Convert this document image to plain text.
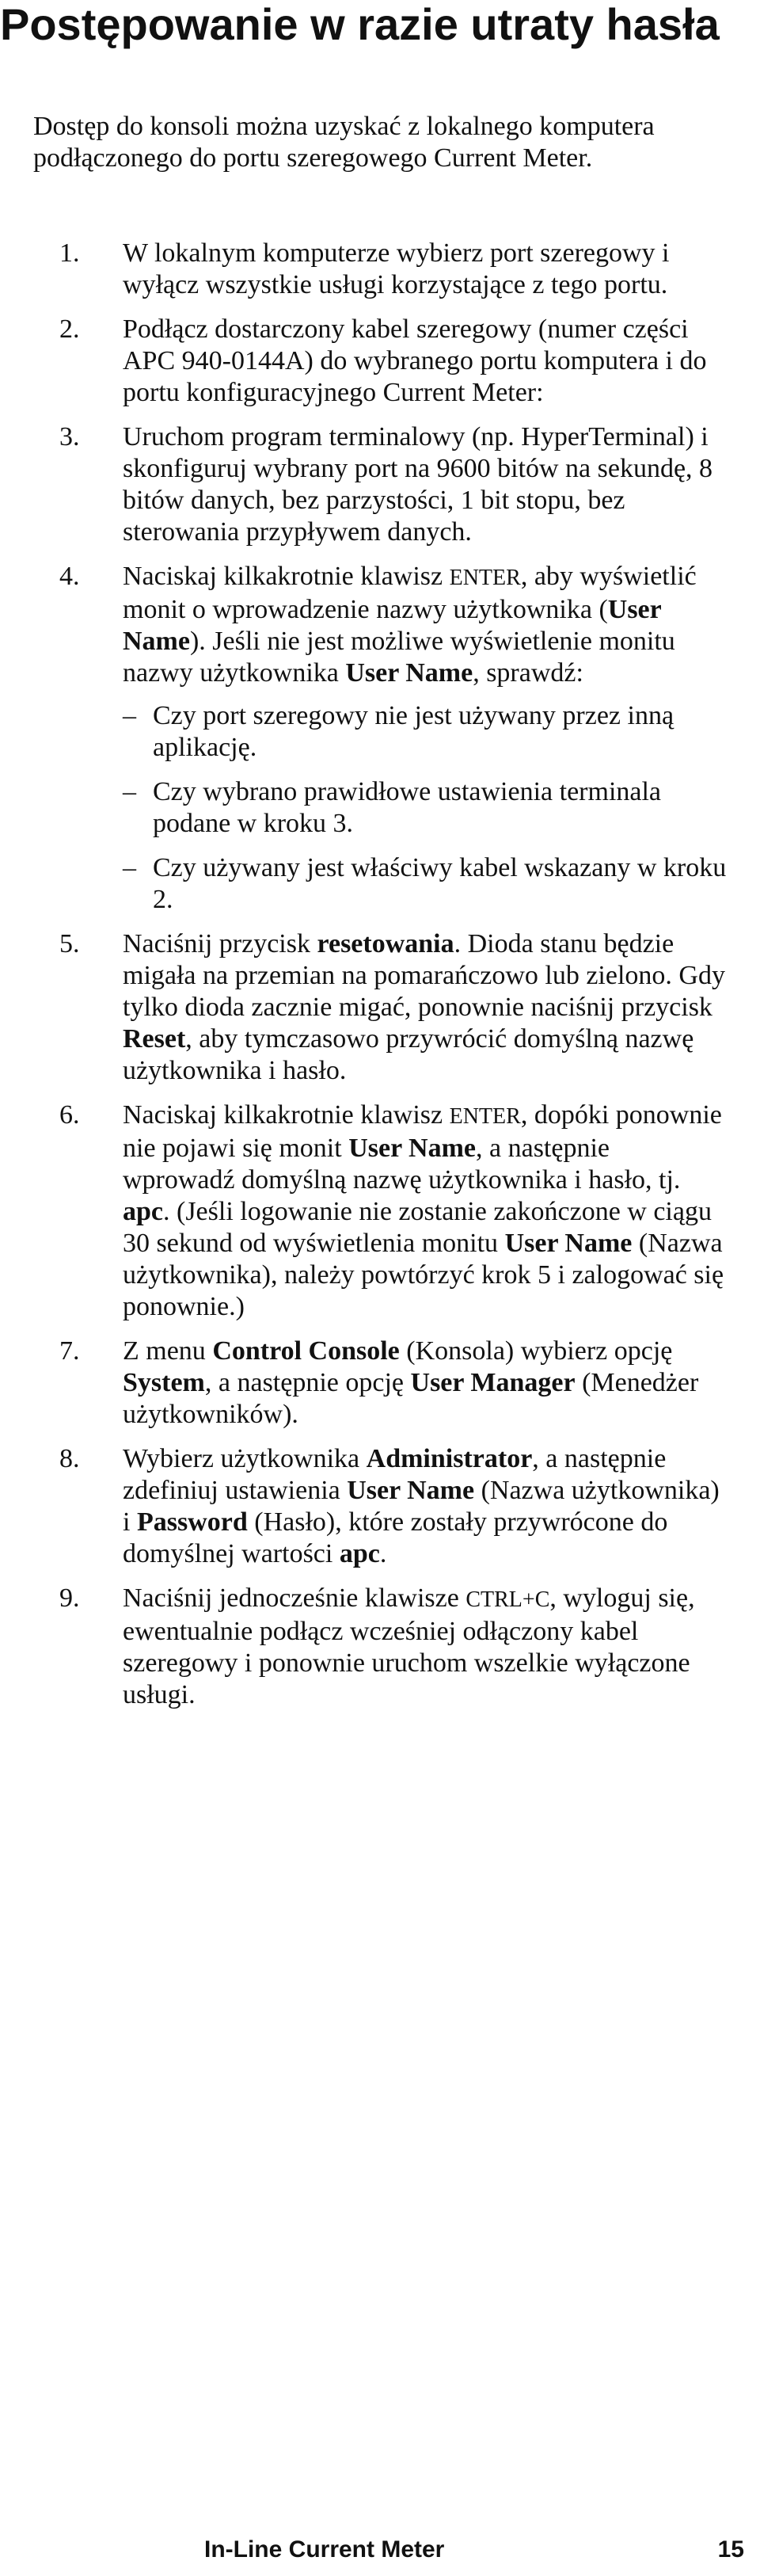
Postępowanie w razie utraty hasła

Dostęp do konsoli można uzyskać z lokalnego komputera podłączonego do portu szeregowego Current Meter.

1.	W lokalnym komputerze wybierz port szeregowy i wyłącz wszystkie usługi korzystające z tego portu.
2.	Podłącz dostarczony kabel szeregowy (numer części APC 940-0144A) do wybranego portu komputera i do portu konfiguracyjnego Current Meter:
3.	Uruchom program terminalowy (np. HyperTerminal) i skonfiguruj wybrany port na 9600 bitów na sekundę, 8 bitów danych, bez parzystości, 1 bit stopu, bez sterowania przypływem danych.
4.	Naciskaj kilkakrotnie klawisz ENTER, aby wyświetlić monit o wprowadzenie nazwy użytkownika (User Name). Jeśli nie jest możliwe wyświetlenie monitu nazwy użytkownika User Name, sprawdź:
– Czy port szeregowy nie jest używany przez inną aplikację.
– Czy wybrano prawidłowe ustawienia terminala podane w kroku 3.
– Czy używany jest właściwy kabel wskazany w kroku 2.
5.	Naciśnij przycisk resetowania. Dioda stanu będzie migała na przemian na pomarańczowo lub zielono. Gdy tylko dioda zacznie migać, ponownie naciśnij przycisk Reset, aby tymczasowo przywrócić domyślną nazwę użytkownika i hasło.
6.	Naciskaj kilkakrotnie klawisz ENTER, dopóki ponownie nie pojawi się monit User Name, a następnie wprowadź domyślną nazwę użytkownika i hasło, tj. apc. (Jeśli logowanie nie zostanie zakończone w ciągu 30 sekund od wyświetlenia monitu User Name (Nazwa użytkownika), należy powtórzyć krok 5 i zalogować się ponownie.)
7.	Z menu Control Console (Konsola) wybierz opcję System, a następnie opcję User Manager (Menedżer użytkowników).
8.	Wybierz użytkownika Administrator, a następnie zdefiniuj ustawienia User Name (Nazwa użytkownika) i Password (Hasło), które zostały przywrócone do domyślnej wartości apc.
9.	Naciśnij jednocześnie klawisze CTRL+C, wyloguj się, ewentualnie podłącz wcześniej odłączony kabel szeregowy i ponownie uruchom wszelkie wyłączone usługi.
In-Line Current Meter	15
